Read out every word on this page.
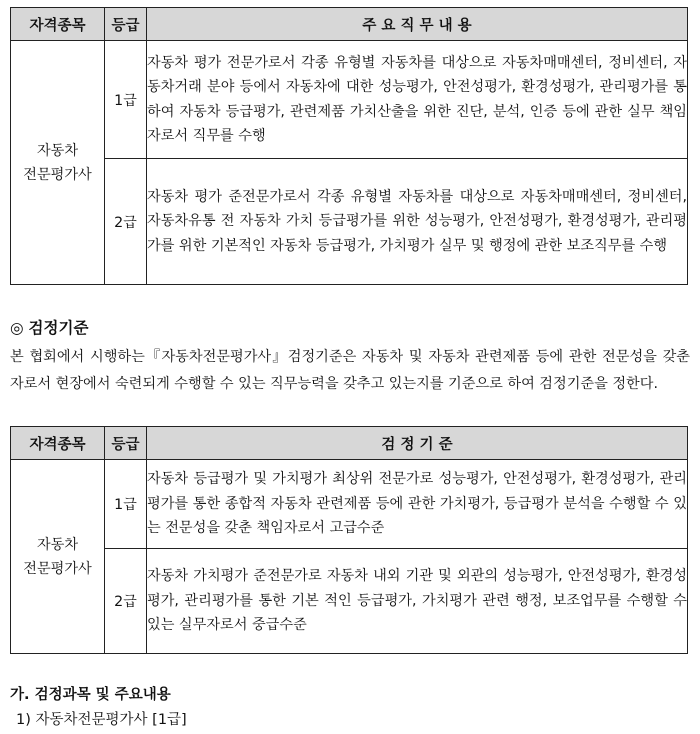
자격종목	등급	주 요 직 무 내 용

자동차
전문평가사	1급	자동차 평가 전문가로서 각종 유형별 자동차를 대상으로 자동차매매센터, 정비센터, 자동차거래 분야 등에서 자동차에 대한 성능평가, 안전성평가, 환경성평가, 관리평가를 통하여 자동차 등급평가, 관련제품 가치산출을 위한 진단, 분석, 인증 등에 관한 실무 책임자로서 직무를 수행
	2급	자동차 평가 준전문가로서 각종 유형별 자동차를 대상으로 자동차매매센터, 정비센터, 자동차유통 전 자동차 가치 등급평가를 위한 성능평가, 안전성평가, 환경성평가, 관리평가를 위한 기본적인 자동차 등급평가, 가치평가 실무 및 행정에 관한 보조직무를 수행
◎ 검정기준
본 협회에서 시행하는『자동차전문평가사』검정기준은 자동차 및 자동차 관련제품 등에 관한 전문성을 갖춘 자로서 현장에서 숙련되게 수행할 수 있는 직무능력을 갖추고 있는지를 기준으로 하여 검정기준을 정한다.
자격종목	등급	검 정 기 준

자동차
전문평가사	1급	자동차 등급평가 및 가치평가 최상위 전문가로 성능평가, 안전성평가, 환경성평가, 관리평가를 통한 종합적 자동차 관련제품 등에 관한 가치평가, 등급평가 분석을 수행할 수 있는 전문성을 갖춘 책임자로서 고급수준
	2급	자동차 가치평가 준전문가로 자동차 내외 기관 및 외관의 성능평가, 안전성평가, 환경성평가, 관리평가를 통한 기본 적인 등급평가, 가치평가 관련 행정, 보조업무를 수행할 수 있는 실무자로서 중급수준
가. 검정과목 및 주요내용
1) 자동차전문평가사 [1급]
